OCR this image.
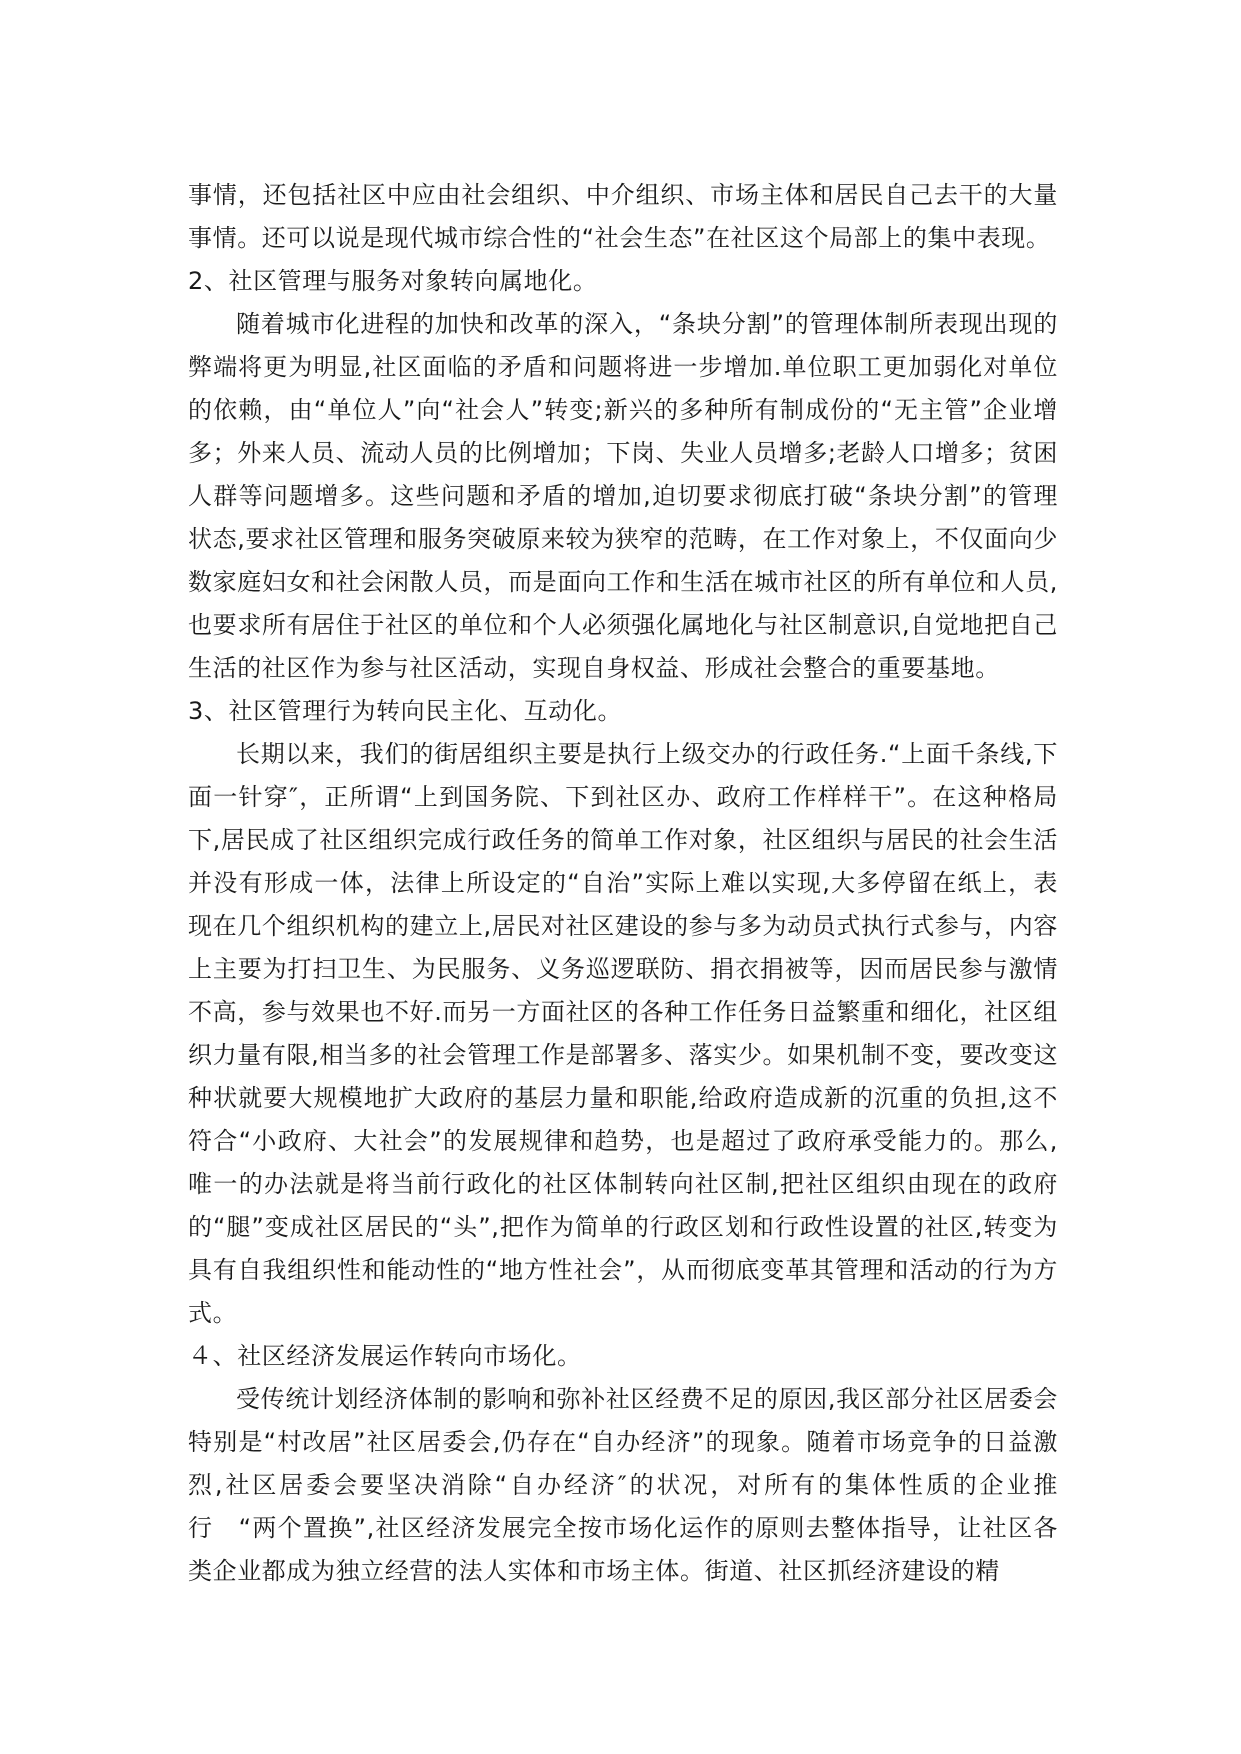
事情，还包括社区中应由社会组织、中介组织、市场主体和居民自己去干的大量事情。还可以说是现代城市综合性的“社会生态”在社区这个局部上的集中表现。

2、社区管理与服务对象转向属地化。

随着城市化进程的加快和改革的深入，“条块分割”的管理体制所表现出现的弊端将更为明显,社区面临的矛盾和问题将进一步增加.单位职工更加弱化对单位的依赖，由“单位人”向“社会人”转变;新兴的多种所有制成份的“无主管”企业增多；外来人员、流动人员的比例增加；下岗、失业人员增多;老龄人口增多；贫困人群等问题增多。这些问题和矛盾的增加,迫切要求彻底打破“条块分割”的管理状态,要求社区管理和服务突破原来较为狭窄的范畴，在工作对象上，不仅面向少数家庭妇女和社会闲散人员，而是面向工作和生活在城市社区的所有单位和人员,也要求所有居住于社区的单位和个人必须强化属地化与社区制意识,自觉地把自己生活的社区作为参与社区活动，实现自身权益、形成社会整合的重要基地。

3、社区管理行为转向民主化、互动化。

长期以来，我们的街居组织主要是执行上级交办的行政任务.“上面千条线,下面一针穿″，正所谓“上到国务院、下到社区办、政府工作样样干”。在这种格局下,居民成了社区组织完成行政任务的简单工作对象，社区组织与居民的社会生活并没有形成一体，法律上所设定的“自治”实际上难以实现,大多停留在纸上，表现在几个组织机构的建立上,居民对社区建设的参与多为动员式执行式参与，内容上主要为打扫卫生、为民服务、义务巡逻联防、捐衣捐被等，因而居民参与激情不高，参与效果也不好.而另一方面社区的各种工作任务日益繁重和细化，社区组织力量有限,相当多的社会管理工作是部署多、落实少。如果机制不变，要改变这种状就要大规模地扩大政府的基层力量和职能,给政府造成新的沉重的负担,这不符合“小政府、大社会”的发展规律和趋势，也是超过了政府承受能力的。那么,唯一的办法就是将当前行政化的社区体制转向社区制,把社区组织由现在的政府的“腿”变成社区居民的“头”,把作为简单的行政区划和行政性设置的社区,转变为具有自我组织性和能动性的“地方性社会”，从而彻底变革其管理和活动的行为方式。

４、社区经济发展运作转向市场化。

受传统计划经济体制的影响和弥补社区经费不足的原因,我区部分社区居委会特别是“村改居”社区居委会,仍存在“自办经济”的现象。随着市场竞争的日益激烈,社区居委会要坚决消除“自办经济″的状况，对所有的集体性质的企业推行　“两个置换”,社区经济发展完全按市场化运作的原则去整体指导，让社区各类企业都成为独立经营的法人实体和市场主体。街道、社区抓经济建设的精
